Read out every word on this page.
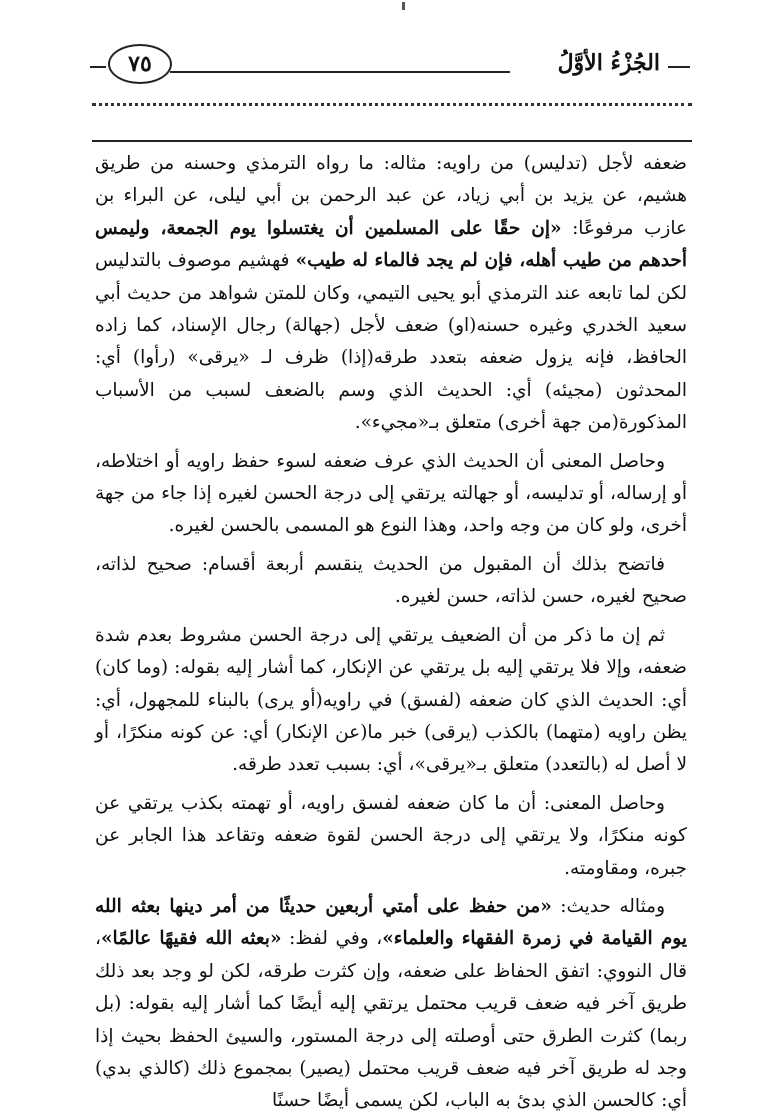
الجُزْءُ الأوَّلُ
٧٥

ضعفه لأجل (تدليس) من راويه: مثاله: ما رواه الترمذي وحسنه من طريق هشيم، عن يزيد بن أبي زياد، عن عبد الرحمن بن أبي ليلى، عن البراء بن عازب مرفوعًا: «إن حقًا على المسلمين أن يغتسلوا يوم الجمعة، وليمس أحدهم من طيب أهله، فإن لم يجد فالماء له طيب» فهشيم موصوف بالتدليس لكن لما تابعه عند الترمذي أبو يحيى التيمي، وكان للمتن شواهد من حديث أبي سعيد الخدري وغيره حسنه(او) ضعف لأجل (جهالة) رجال الإسناد، كما زاده الحافظ، فإنه يزول ضعفه بتعدد طرقه(إذا) ظرف لـ «يرقى» (رأوا) أي: المحدثون (مجيئه) أي: الحديث الذي وسم بالضعف لسبب من الأسباب المذكورة(من جهة أخرى) متعلق بـ«مجيء».

وحاصل المعنى أن الحديث الذي عرف ضعفه لسوء حفظ راويه أو اختلاطه، أو إرساله، أو تدليسه، أو جهالته يرتقي إلى درجة الحسن لغيره إذا جاء من جهة أخرى، ولو كان من وجه واحد، وهذا النوع هو المسمى بالحسن لغيره.

فاتضح بذلك أن المقبول من الحديث ينقسم أربعة أقسام: صحيح لذاته، صحيح لغيره، حسن لذاته، حسن لغيره.

ثم إن ما ذكر من أن الضعيف يرتقي إلى درجة الحسن مشروط بعدم شدة ضعفه، وإلا فلا يرتقي إليه بل يرتقي عن الإنكار، كما أشار إليه بقوله: (وما كان) أي: الحديث الذي كان ضعفه (لفسق) في راويه(أو يرى) بالبناء للمجهول، أي: يظن راويه (متهما) بالكذب (يرقى) خبر ما(عن الإنكار) أي: عن كونه منكرًا، أو لا أصل له (بالتعدد) متعلق بـ«يرقى»، أي: بسبب تعدد طرقه.

وحاصل المعنى: أن ما كان ضعفه لفسق راويه، أو تهمته بكذب يرتقي عن كونه منكرًا، ولا يرتقي إلى درجة الحسن لقوة ضعفه وتقاعد هذا الجابر عن جبره، ومقاومته.

ومثاله حديث: «من حفظ على أمتي أربعين حديثًا من أمر دينها بعثه الله يوم القيامة في زمرة الفقهاء والعلماء»، وفي لفظ: «بعثه الله فقيهًا عالمًا»، قال النووي: اتفق الحفاظ على ضعفه، وإن كثرت طرقه، لكن لو وجد بعد ذلك طريق آخر فيه ضعف قريب محتمل يرتقي إليه أيضًا كما أشار إليه بقوله: (بل ربما) كثرت الطرق حتى أوصلته إلى درجة المستور، والسيئ الحفظ بحيث إذا وجد له طريق آخر فيه ضعف قريب محتمل (يصير) بمجموع ذلك (كالذي بدي) أي: كالحسن الذي بدئ به الباب، لكن يسمى أيضًا حسنًا
